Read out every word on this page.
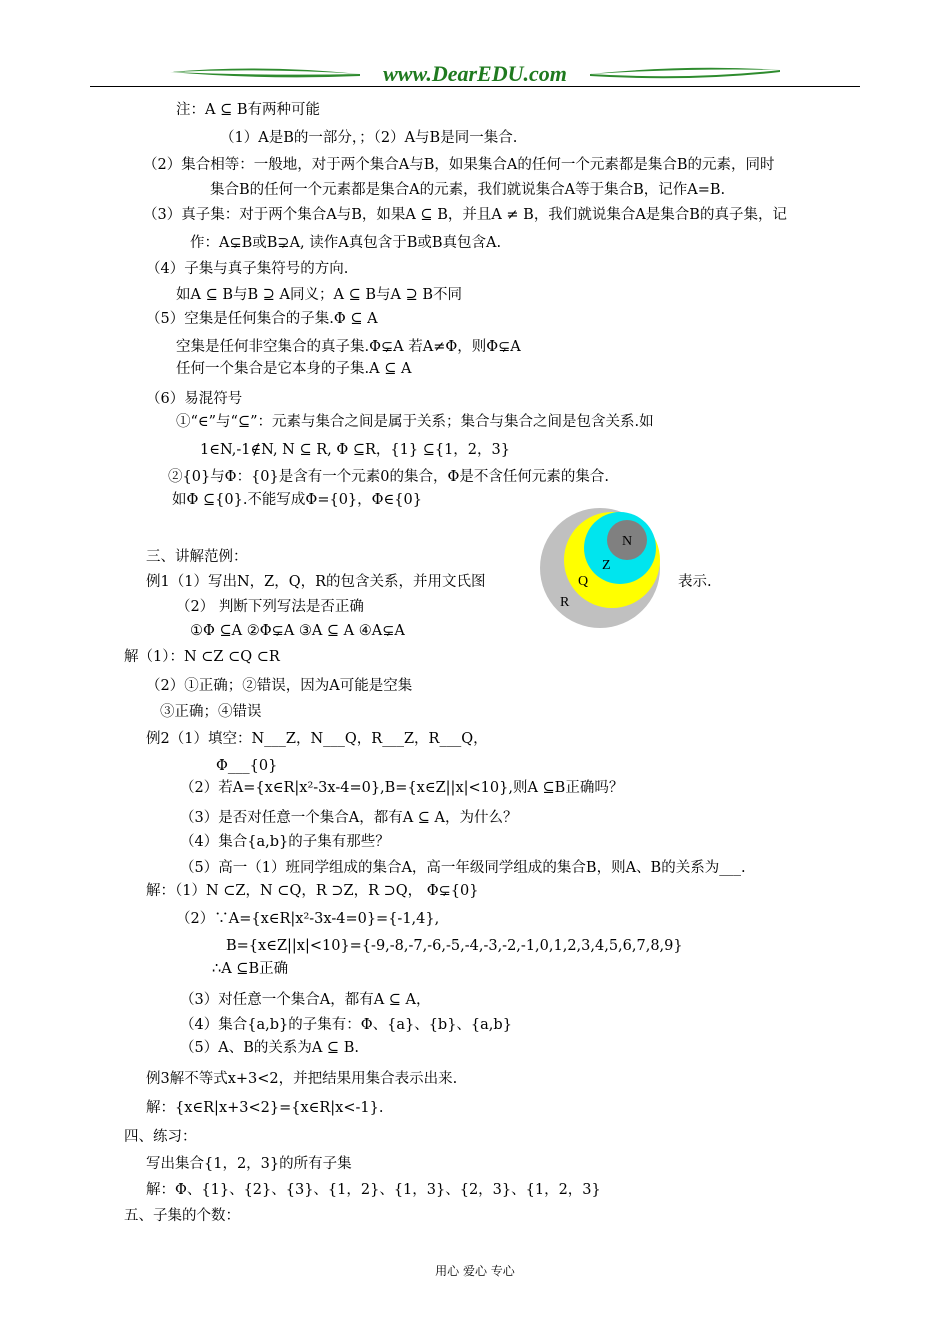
www.DearEDU.com
注：A ⊆ B有两种可能
（1）A是B的一部分，；（2）A与B是同一集合.
（2）集合相等：一般地，对于两个集合A与B，如果集合A的任何一个元素都是集合B的元素，同时
集合B的任何一个元素都是集合A的元素，我们就说集合A等于集合B，记作A=B.
（3）真子集：对于两个集合A与B，如果A ⊆ B，并且A ≠ B，我们就说集合A是集合B的真子集，记
作：A⊊B或B⊋A, 读作A真包含于B或B真包含A.
（4）子集与真子集符号的方向.
如A ⊆ B与B ⊇ A同义；A ⊆ B与A ⊇ B不同
（5）空集是任何集合的子集.Φ ⊆ A
空集是任何非空集合的真子集.Φ⊊A 若A≠Φ，则Φ⊊A
任何一个集合是它本身的子集.A ⊆ A
（6）易混符号
①“∈”与“⊆”：元素与集合之间是属于关系；集合与集合之间是包含关系.如
1∈N,-1∉N, N ⊆ R, Φ ⊆R，{1} ⊆{1，2，3}
②{0}与Φ：{0}是含有一个元素0的集合，Φ是不含任何元素的集合.
如Φ ⊆{0}.不能写成Φ={0}，Φ∈{0}
三、讲解范例：
例1（1）写出N，Z，Q，R的包含关系，并用文氏图	表示.
（2） 判断下列写法是否正确
①Φ ⊆A ②Φ⊊A ③A ⊆ A ④A⊊A
解（1）：N ⊂Z ⊂Q ⊂R
（2）①正确；②错误，因为A可能是空集
③正确；④错误
例2（1）填空：N___Z，N___Q，R___Z，R___Q，
Φ___{0}
（2）若A={x∈R|x²-3x-4=0},B={x∈Z||x|<10},则A ⊆B正确吗？
（3）是否对任意一个集合A，都有A ⊆ A，为什么？
（4）集合{a,b}的子集有那些？
（5）高一（1）班同学组成的集合A，高一年级同学组成的集合B，则A、B的关系为___.
解：（1）N ⊂Z，N ⊂Q，R ⊃Z，R ⊃Q， Φ⊊{0}
（2）∵A={x∈R|x²-3x-4=0}={-1,4},
B={x∈Z||x|<10}={-9,-8,-7,-6,-5,-4,-3,-2,-1,0,1,2,3,4,5,6,7,8,9}
∴A ⊆B正确
（3）对任意一个集合A，都有A ⊆ A，
（4）集合{a,b}的子集有：Φ、{a}、{b}、{a,b}
（5）A、B的关系为A ⊆ B.
例3解不等式x+3<2，并把结果用集合表示出来.
解：{x∈R|x+3<2}={x∈R|x<-1}.
四、练习：
写出集合{1，2，3}的所有子集
解：Φ、{1}、{2}、{3}、{1，2}、{1，3}、{2，3}、{1，2，3}
五、子集的个数：
N
Z
Q
R
用心 爱心 专心
